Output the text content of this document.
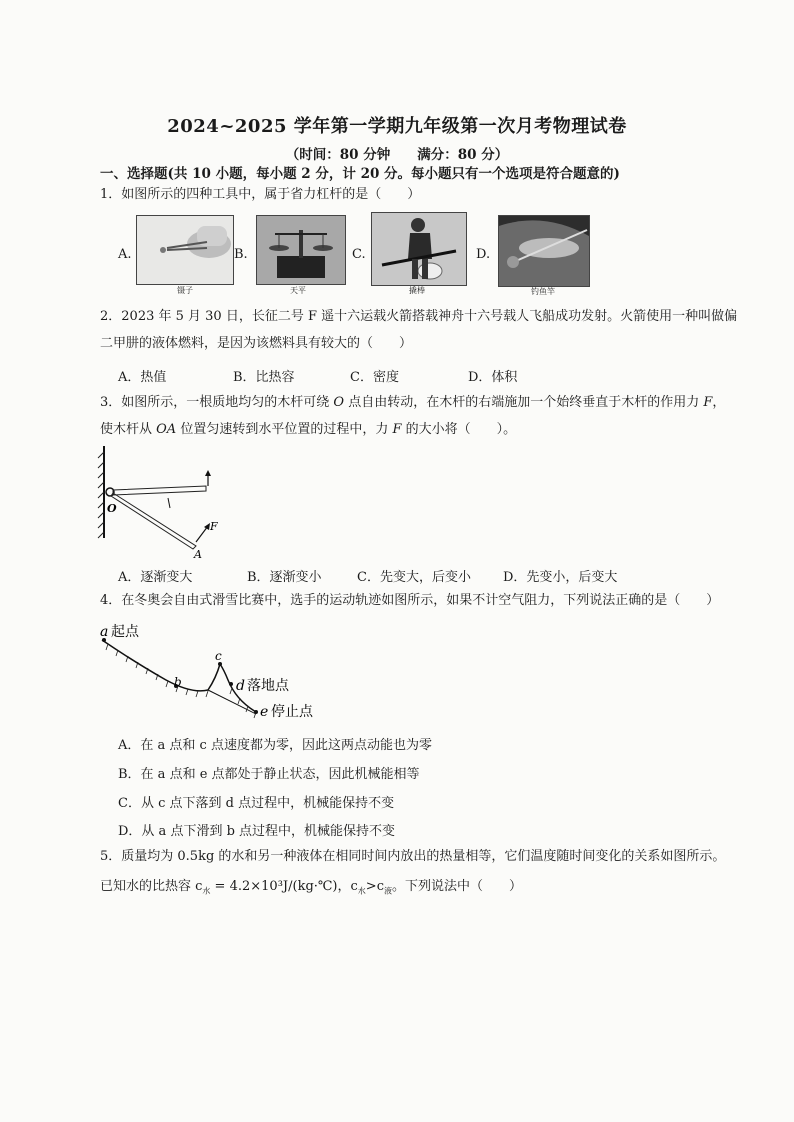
2024~2025 学年第一学期九年级第一次月考物理试卷
（时间：80 分钟　　满分：80 分）
一、选择题(共 10 小题，每小题 2 分，计 20 分。每小题只有一个选项是符合题意的)
1．如图所示的四种工具中，属于省力杠杆的是（　　）
A.
镊子
B.
天平
C.
撬棒
D.
钓鱼竿
2．2023 年 5 月 30 日，长征二号 F 遥十六运载火箭搭载神舟十六号载人飞船成功发射。火箭使用一种叫做偏
二甲肼的液体燃料，是因为该燃料具有较大的（　　）
A．热值	B．比热容	C．密度	D．体积
3．如图所示，一根质地均匀的木杆可绕 O 点自由转动，在木杆的右端施加一个始终垂直于木杆的作用力 F，
使木杆从 OA 位置匀速转到水平位置的过程中，力 F 的大小将（　　）。
O
A
F
A．逐渐变大	B．逐渐变小	C．先变大，后变小 D．先变小，后变大
4．在冬奥会自由式滑雪比赛中，选手的运动轨迹如图所示，如果不计空气阻力，下列说法正确的是（　　）
a 起点
b
c
d 落地点
e 停止点
A．在 a 点和 c 点速度都为零，因此这两点动能也为零
B．在 a 点和 e 点都处于静止状态，因此机械能相等
C．从 c 点下落到 d 点过程中，机械能保持不变
D．从 a 点下滑到 b 点过程中，机械能保持不变
5．质量均为 0.5kg 的水和另一种液体在相同时间内放出的热量相等，它们温度随时间变化的关系如图所示。
已知水的比热容 $c_水$ = 4.2×10³J/(kg·℃)，$c_水>c_液$。下列说法中（　　）
